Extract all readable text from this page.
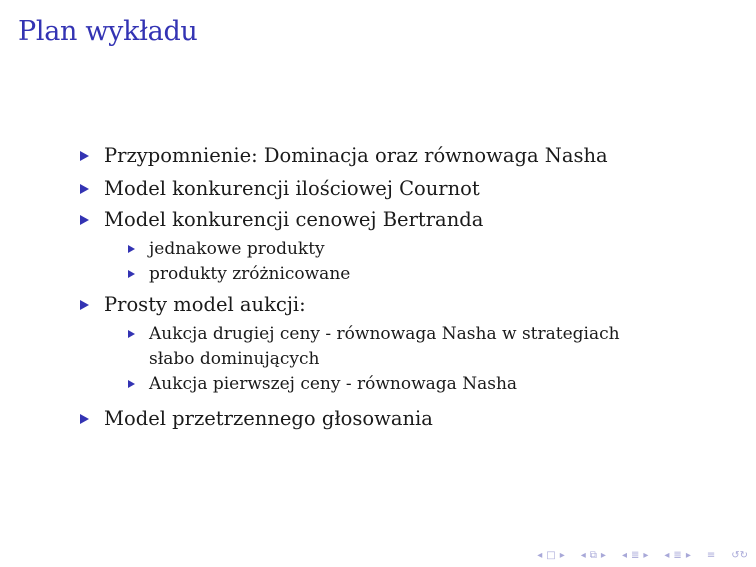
Plan wykładu
Przypomnienie: Dominacja oraz równowaga Nasha
Model konkurencji ilościowej Cournot
Model konkurencji cenowej Bertranda
jednakowe produkty
produkty zróżnicowane
Prosty model aukcji:
Aukcja drugiej ceny - równowaga Nasha w strategiach
słabo dominujących
Aukcja pierwszej ceny - równowaga Nasha
Model przetrzennego głosowania
◂ □ ▸ ◂ ⧉ ▸ ◂ ≣ ▸ ◂ ≣ ▸ ≡ ↺↻
